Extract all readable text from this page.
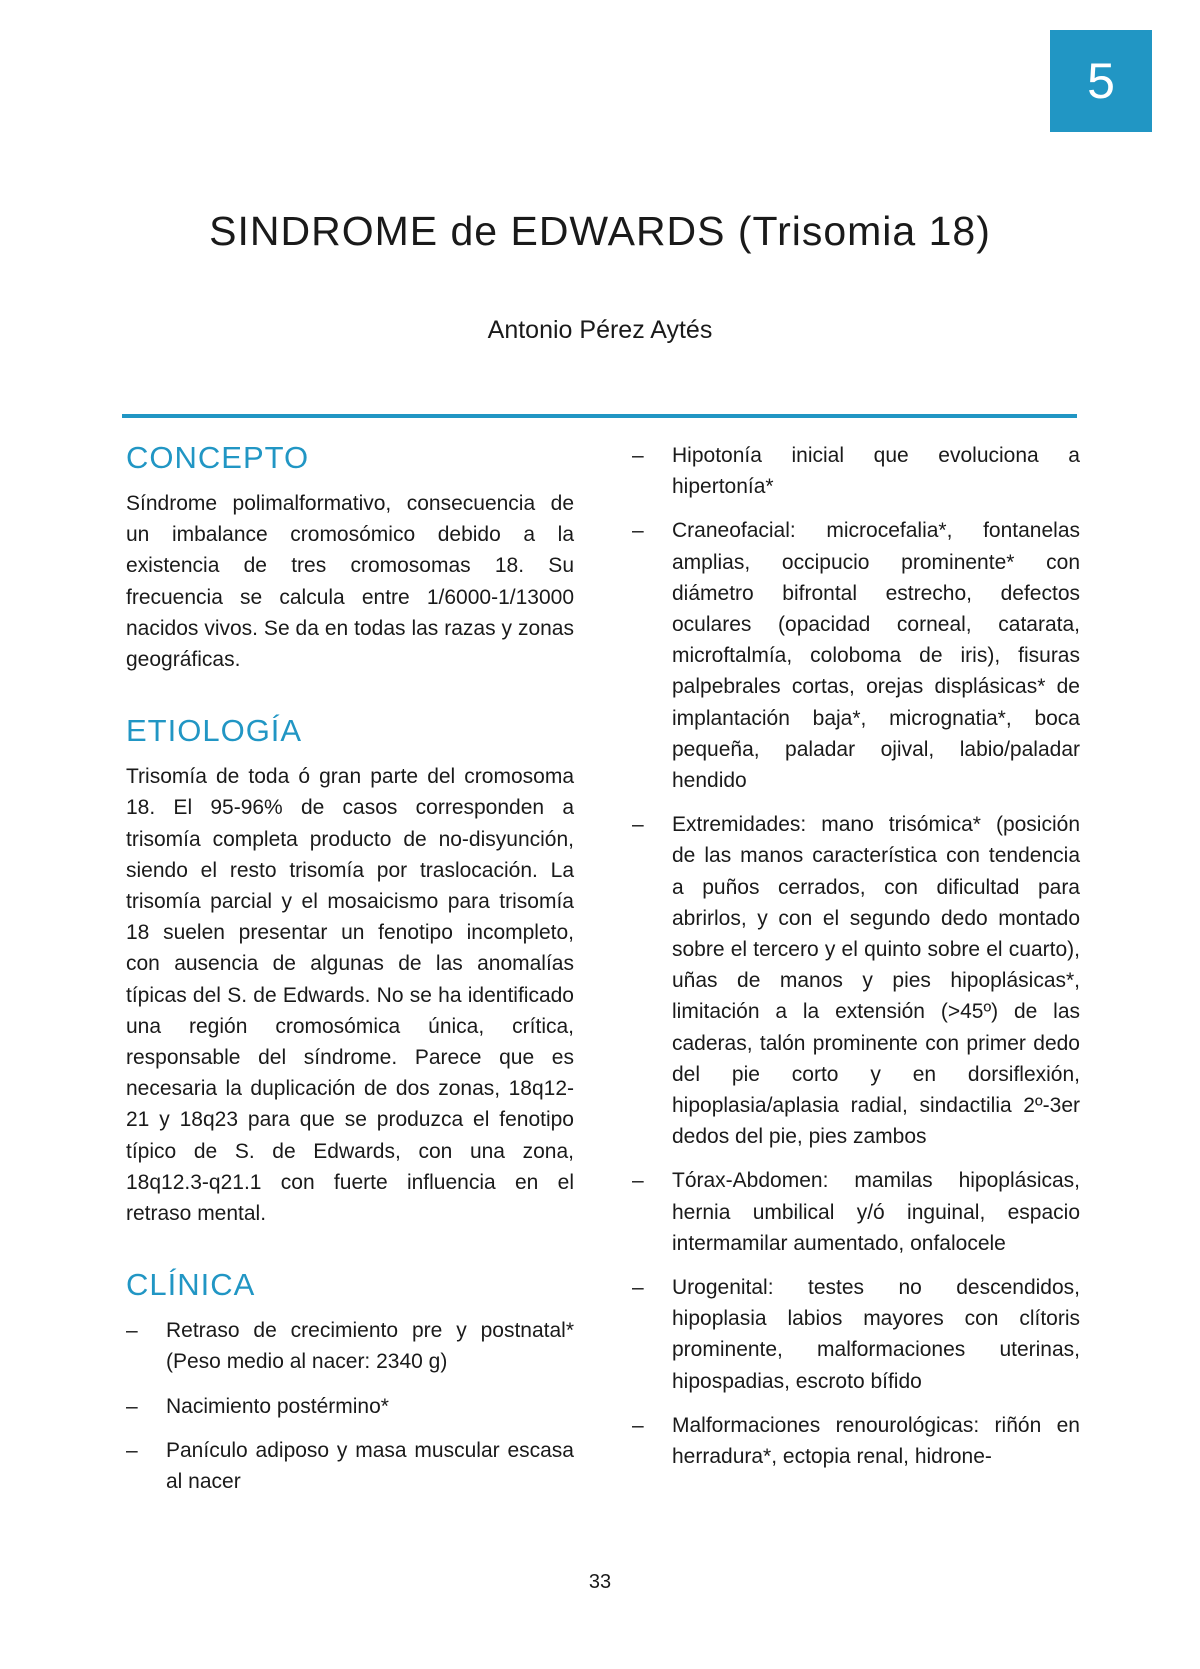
5
SINDROME de EDWARDS (Trisomia 18)
Antonio Pérez Aytés
CONCEPTO

Síndrome polimalformativo, consecuencia de un imbalance cromosómico debido a la existencia de tres cromosomas 18. Su frecuencia se calcula entre 1/6000-1/13000 nacidos vivos. Se da en todas las razas y zonas geográficas.

ETIOLOGÍA

Trisomía de toda ó gran parte del cromosoma 18. El 95-96% de casos corresponden a trisomía completa producto de no-disyunción, siendo el resto trisomía por traslocación. La trisomía parcial y el mosaicismo para trisomía 18 suelen presentar un fenotipo incompleto, con ausencia de algunas de las anomalías típicas del S. de Edwards. No se ha identificado una región cromosómica única, crítica, responsable del síndrome. Parece que es necesaria la duplicación de dos zonas, 18q12-21 y 18q23 para que se produzca el fenotipo típico de S. de Edwards, con una zona, 18q12.3-q21.1 con fuerte influencia en el retraso mental.

CLÍNICA
– Retraso de crecimiento pre y postnatal* (Peso medio al nacer: 2340 g)
– Nacimiento postérmino*
– Panículo adiposo y masa muscular escasa al nacer
– Hipotonía inicial que evoluciona a hipertonía*
– Craneofacial: microcefalia*, fontanelas amplias, occipucio prominente* con diámetro bifrontal estrecho, defectos oculares (opacidad corneal, catarata, microftalmía, coloboma de iris), fisuras palpebrales cortas, orejas displásicas* de implantación baja*, micrognatia*, boca pequeña, paladar ojival, labio/paladar hendido
– Extremidades: mano trisómica* (posición de las manos característica con tendencia a puños cerrados, con dificultad para abrirlos, y con el segundo dedo montado sobre el tercero y el quinto sobre el cuarto), uñas de manos y pies hipoplásicas*, limitación a la extensión (>45º) de las caderas, talón prominente con primer dedo del pie corto y en dorsiflexión, hipoplasia/aplasia radial, sindactilia 2º-3er dedos del pie, pies zambos
– Tórax-Abdomen: mamilas hipoplásicas, hernia umbilical y/ó inguinal, espacio intermamilar aumentado, onfalocele
– Urogenital: testes no descendidos, hipoplasia labios mayores con clítoris prominente, malformaciones uterinas, hipospadias, escroto bífido
– Malformaciones renourológicas: riñón en herradura*, ectopia renal, hidrone-
33
